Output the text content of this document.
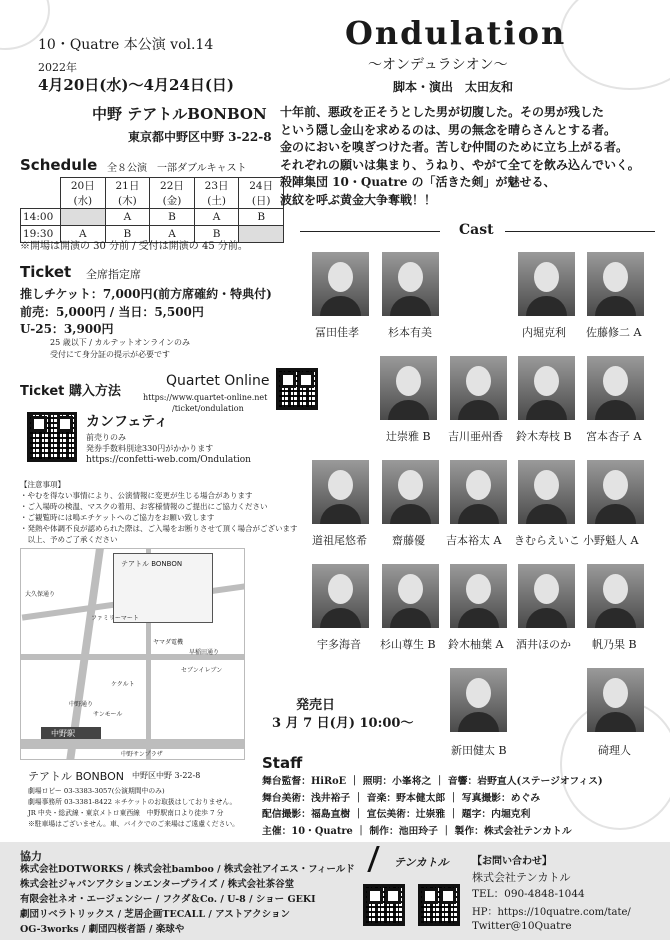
10・Quatre 本公演 vol.14
2022年
4月20日(水)〜4月24日(日)
中野 テアトルBONBON
東京都中野区中野 3-22-8
Ondulation
〜オンデュラシオン〜
脚本・演出　太田友和
Schedule 全８公演　一部ダブルキャスト
	20日(水)	21日(木)	22日(金)	23日(土)	24日(日)
14:00		A	B	A	B
19:30	A	B	A	B	
※開場は開演の 30 分前 / 受付は開演の 45 分前。
Ticket 全席指定席
推しチケット：7,000円(前方席確約・特典付)
前売：5,000円 / 当日：5,500円
U-25：3,900円
25 歳以下 / カルテットオンラインのみ
受付にて身分証の提示が必要です
Ticket 購入方法
Quartet Online
https://www.quartet-online.net
/ticket/ondulation
カンフェティ
前売りのみ
発券手数料別途330円がかかります
https://confetti-web.com/Ondulation
【注意事項】
・やむを得ない事情により、公演情報に変更が生じる場合があります
・ご入場時の検温、マスクの着用、お客様情報のご提出にご協力ください
・ご観覧時には鳴エチケットへのご協力をお願い致します
・発熱や体調不良が認められた際は、ご入場をお断りさせて頂く場合がございます
　以上、予めご了承ください
テアトル BONBON
中野駅
大久保通り
中野通り
早稲田通り
ヤマダ電機
セブンイレブン
ファミリーマート
ケクルト
サンモール
中野サンプラザ
テアトル BONBON 中野区中野 3-22-8
劇場ロビー 03-3383-3057(公演期間中のみ)
劇場事務所 03-3381-8422 ＊チケットのお取扱はしておりません。
JR 中央・総武線・東京メトロ東西線　中野駅南口より徒歩 7 分
※駐車場はございません。車、バイクでのご来場はご遠慮ください。
十年前、悪政を正そうとした男が切腹した。その男が残した
という隠し金山を求めるのは、男の無念を晴らさんとする者。
金のにおいを嗅ぎつけた者。苦しむ仲間のために立ち上がる者。
それぞれの願いは集まり、うねり、やがて全てを飲み込んでいく。
殺陣集団 10・Quatre の「活きた剣」が魅せる、
波紋を呼ぶ黄金大争奪戦！！
Cast
冨田佳孝	杉本有美	内堀克利 佐藤修二 A
辻崇雅 B 吉川亜州香 鈴木寿枝 B 宮本杏子 A
道祖尾悠希 齋藤優 吉本裕太 A きむらえいこ 小野魁人 A
宇多海音 杉山尊生 B 鈴木柚葉 A 酒井ほのか 帆乃果 B
新田健太 B	碕理人
発売日
3 月 7 日(月) 10:00〜
Staff
舞台監督：HiRoE ｜ 照明：小峯将之 ｜ 音響：岩野直人(ステージオフィス)
舞台美術：浅井裕子 ｜ 音楽：野本健太郎 ｜ 写真撮影：めぐみ
配信撮影：福島直樹 ｜ 宣伝美術：辻崇雅 ｜ 題字：内堀克利
主催：10・Quatre ｜ 制作：池田玲子 ｜ 製作：株式会社テンカトル
協力
株式会社DOTWORKS / 株式会社bamboo / 株式会社アイエス・フィールド
株式会社ジャパンアクションエンタープライズ / 株式会社茶谷堂
有限会社ネオ・エージェンシー / フクダ＆Co. / U-8 / ショー GEKI
劇団リベラトリックス / 芝居企画TECALL / アストアクション
OG-3works / 劇団四桜者語 / 楽球や
テンカトル 【お問い合わせ】
株式会社テンカトル
TEL：090-4848-1044
HP：https://10quatre.com/tate/
Twitter@10Quatre
